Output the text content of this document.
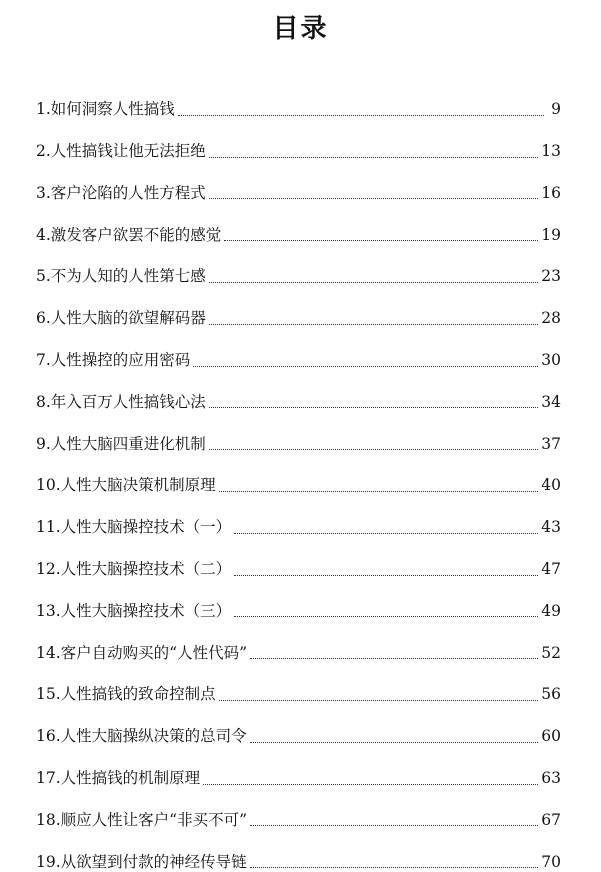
目录
1.如何洞察人性搞钱	9
2.人性搞钱让他无法拒绝	13
3.客户沦陷的人性方程式	16
4.激发客户欲罢不能的感觉	19
5.不为人知的人性第七感	23
6.人性大脑的欲望解码器	28
7.人性操控的应用密码	30
8.年入百万人性搞钱心法	34
9.人性大脑四重进化机制	37
10.人性大脑决策机制原理	40
11.人性大脑操控技术（一）	43
12.人性大脑操控技术（二）	47
13.人性大脑操控技术（三）	49
14.客户自动购买的“人性代码”	52
15.人性搞钱的致命控制点	56
16.人性大脑操纵决策的总司令	60
17.人性搞钱的机制原理	63
18.顺应人性让客户“非买不可”	67
19.从欲望到付款的神经传导链	70
